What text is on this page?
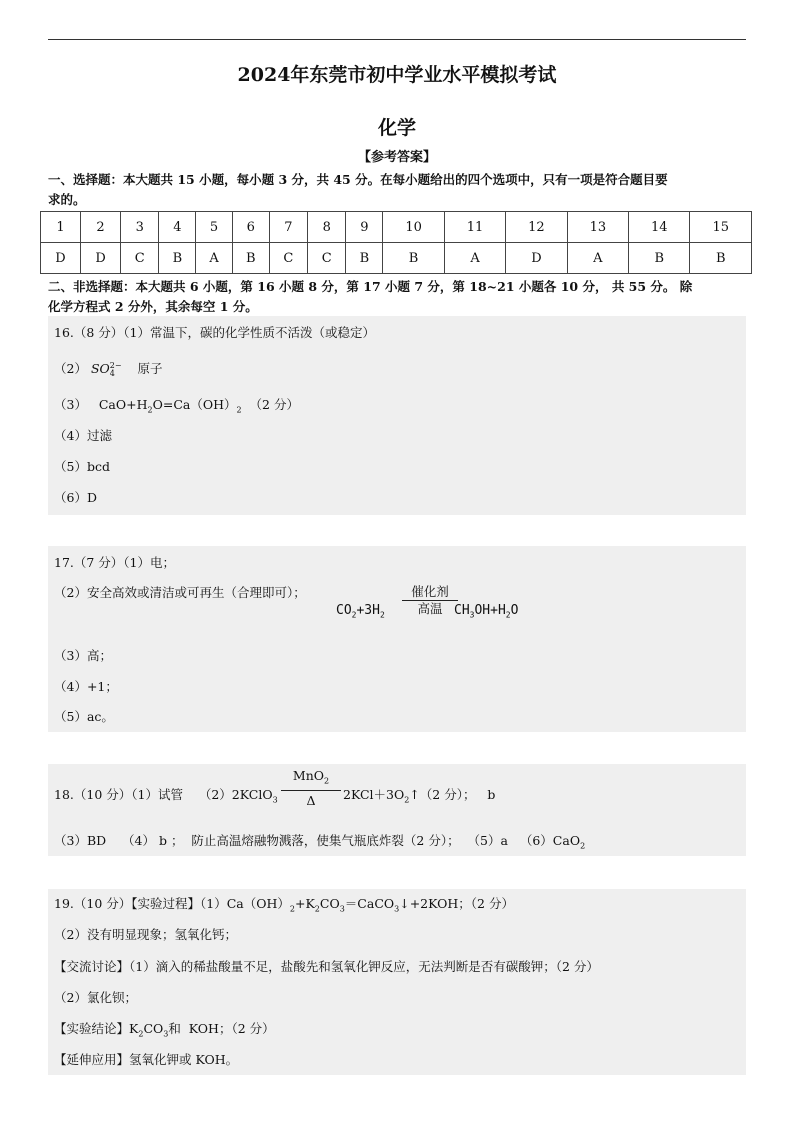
2024年东莞市初中学业水平模拟考试
化学
【参考答案】
一、选择题：本大题共 15 小题，每小题 3 分，共 45 分。在每小题给出的四个选项中，只有一项是符合题目要
求的。
1	2	3	4	5	6	7	8	9	10	11	12	13	14	15
D	D	C	B	A	B	C	C	B	B	A	D	A	B	B
二、非选择题：本大题共 6 小题，第 16 小题 8 分，第 17 小题 7 分，第 18~21 小题各 10 分， 共 55 分。 除
化学方程式 2 分外，其余每空 1 分。
16.（8 分）（1）常温下，碳的化学性质不活泼（或稳定）
（2） SO 2−
4	原子
（3）   $CaO+H_2O=Ca(OH)_2$ （2 分）
（4）过滤
（5）bcd
（6）D
17.（7 分）（1）电；
（2）安全高效或清洁或可再生（合理即可）；
$CO_2+3H_2$
催化剂
高温 $CH_3OH+H_2O$
（3）高；
（4）+1；
（5）ac。
18.（10 分）（1）试管    （2）2KClO$_3$
MnO$_2$
Δ	$2KCl+3O_2↑(2$ 分）；   b
（3）BD    （4） b ；  防止高温熔融物溅落，使集气瓶底炸裂（2 分）；  （5）a   （6）CaO$_2$
19.（10 分）【实验过程】$(1)Ca(OH)_2+K_2CO_3=CaCO_3↓+2KOH$；（2 分）
（2）没有明显现象；氢氧化钙；
【交流讨论】（1）滴入的稀盐酸量不足，盐酸先和氢氧化钾反应，无法判断是否有碳酸钾；（2 分）
（2）氯化钡；
【实验结论】$K_2CO_3$和  KOH；（2 分）
【延伸应用】氢氧化钾或 KOH。
